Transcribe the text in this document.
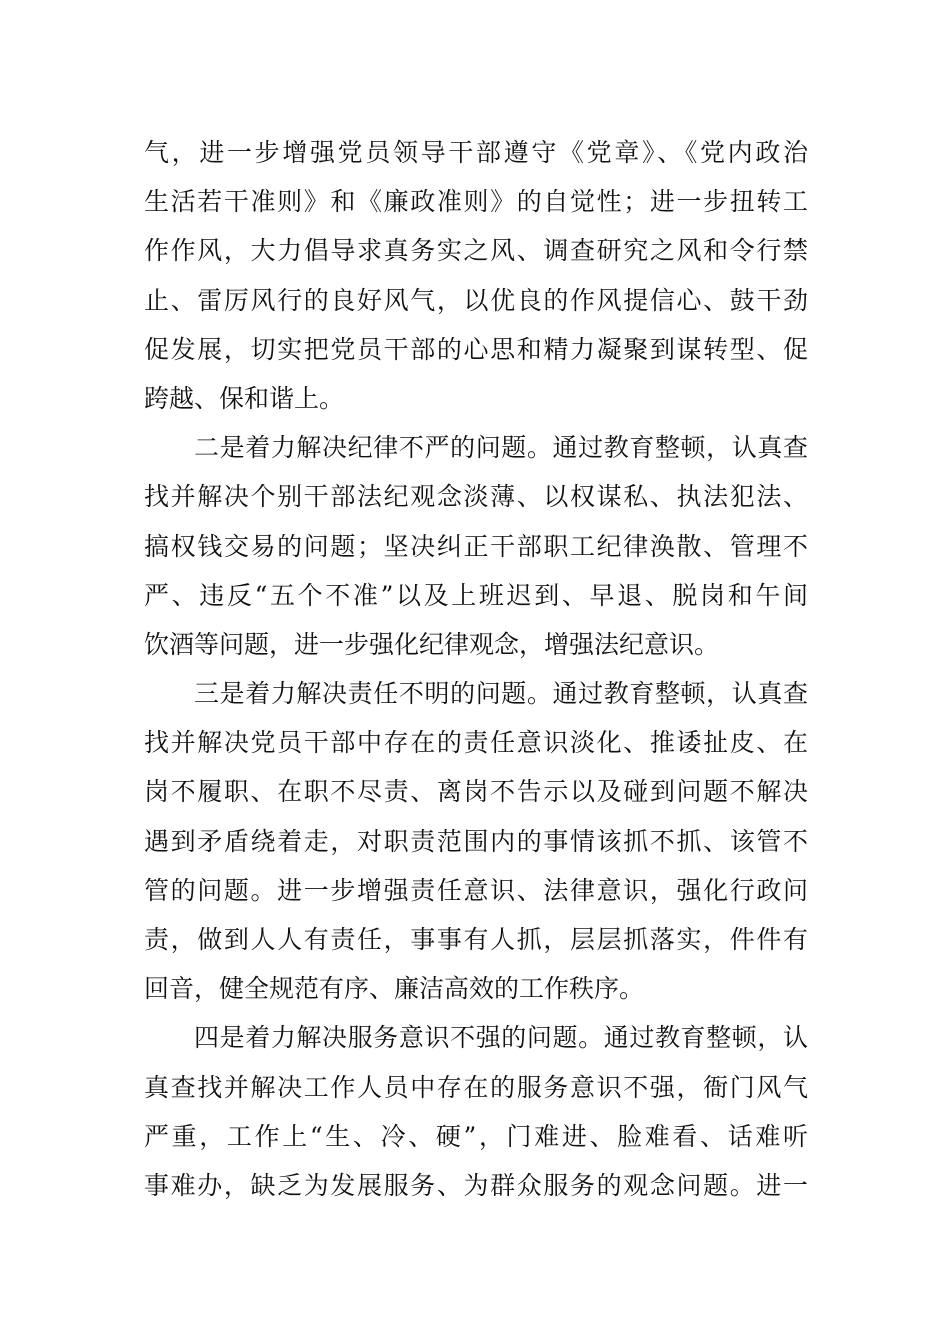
气，进一步增强党员领导干部遵守《党章》、《党内政治
生活若干准则》和《廉政准则》的自觉性；进一步扭转工
作作风，大力倡导求真务实之风、调查研究之风和令行禁
止、雷厉风行的良好风气，以优良的作风提信心、鼓干劲
促发展，切实把党员干部的心思和精力凝聚到谋转型、促
跨越、保和谐上。
二是着力解决纪律不严的问题。通过教育整顿，认真查
找并解决个别干部法纪观念淡薄、以权谋私、执法犯法、
搞权钱交易的问题；坚决纠正干部职工纪律涣散、管理不
严、违反“五个不准”以及上班迟到、早退、脱岗和午间
饮酒等问题，进一步强化纪律观念，增强法纪意识。
三是着力解决责任不明的问题。通过教育整顿，认真查
找并解决党员干部中存在的责任意识淡化、推诿扯皮、在
岗不履职、在职不尽责、离岗不告示以及碰到问题不解决
遇到矛盾绕着走，对职责范围内的事情该抓不抓、该管不
管的问题。进一步增强责任意识、法律意识，强化行政问
责，做到人人有责任，事事有人抓，层层抓落实，件件有
回音，健全规范有序、廉洁高效的工作秩序。
四是着力解决服务意识不强的问题。通过教育整顿，认
真查找并解决工作人员中存在的服务意识不强，衙门风气
严重，工作上“生、冷、硬”，门难进、脸难看、话难听
事难办，缺乏为发展服务、为群众服务的观念问题。进一
